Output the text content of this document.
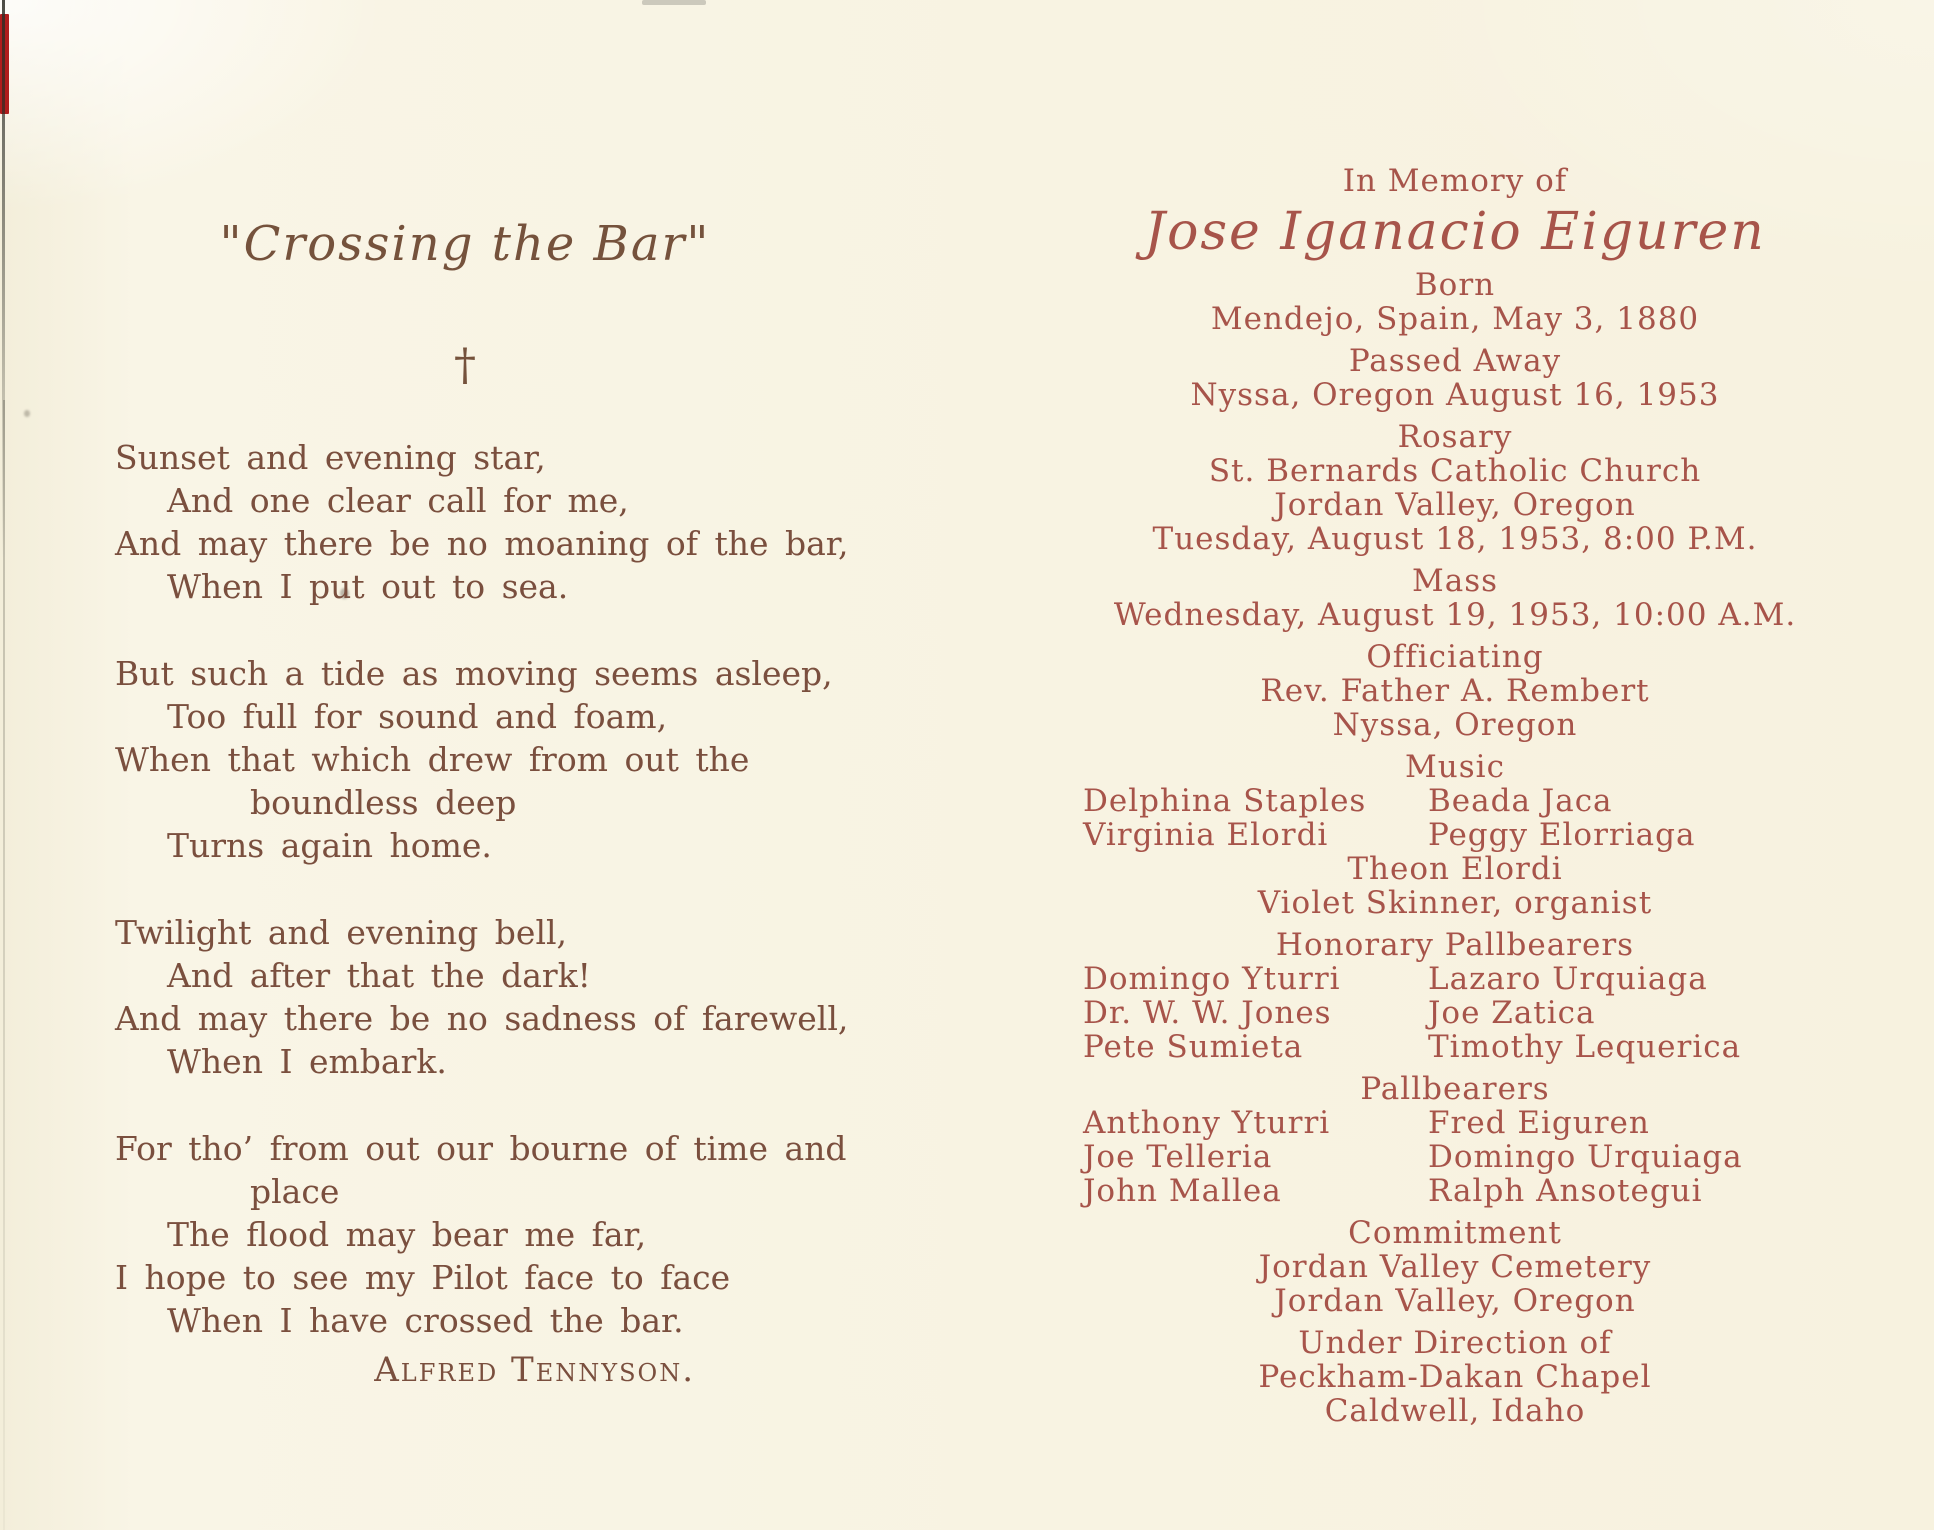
"Crossing the Bar"
†
Sunset and evening star,
And one clear call for me,
And may there be no moaning of the bar,
When I put out to sea.
But such a tide as moving seems asleep,
Too full for sound and foam,
When that which drew from out the
boundless deep
Turns again home.
Twilight and evening bell,
And after that the dark!
And may there be no sadness of farewell,
When I embark.
For tho’ from out our bourne of time and
place
The flood may bear me far,
I hope to see my Pilot face to face
When I have crossed the bar.
Alfred Tennyson.
In Memory of
Jose Iganacio Eiguren
Born
Mendejo, Spain, May 3, 1880
Passed Away
Nyssa, Oregon August 16, 1953
Rosary
St. Bernards Catholic Church
Jordan Valley, Oregon
Tuesday, August 18, 1953, 8:00 P.M.
Mass
Wednesday, August 19, 1953, 10:00 A.M.
Officiating
Rev. Father A. Rembert
Nyssa, Oregon
Music
Delphina Staples	Beada Jaca
Virginia Elordi	Peggy Elorriaga
Theon Elordi
Violet Skinner, organist
Honorary Pallbearers
Domingo Yturri	Lazaro Urquiaga
Dr. W. W. Jones	Joe Zatica
Pete Sumieta	Timothy Lequerica
Pallbearers
Anthony Yturri	Fred Eiguren
Joe Telleria	Domingo Urquiaga
John Mallea	Ralph Ansotegui
Commitment
Jordan Valley Cemetery
Jordan Valley, Oregon
Under Direction of
Peckham-Dakan Chapel
Caldwell, Idaho
